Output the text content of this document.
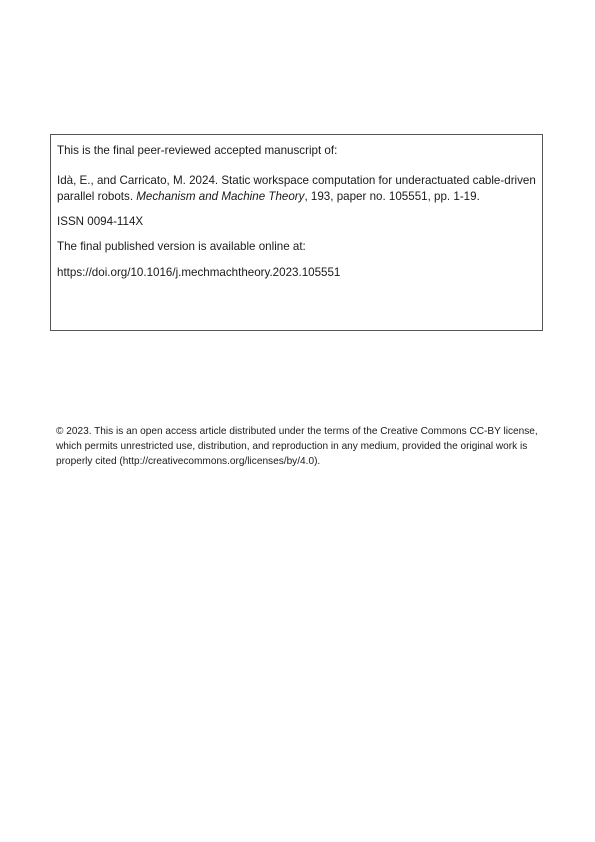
This is the final peer-reviewed accepted manuscript of:

Idà, E., and Carricato, M. 2024. Static workspace computation for underactuated cable-driven parallel robots. Mechanism and Machine Theory, 193, paper no. 105551, pp. 1-19.

ISSN 0094-114X

The final published version is available online at:

https://doi.org/10.1016/j.mechmachtheory.2023.105551

© 2023. This is an open access article distributed under the terms of the Creative Commons CC-BY license, which permits unrestricted use, distribution, and reproduction in any medium, provided the original work is properly cited (http://creativecommons.org/licenses/by/4.0).
